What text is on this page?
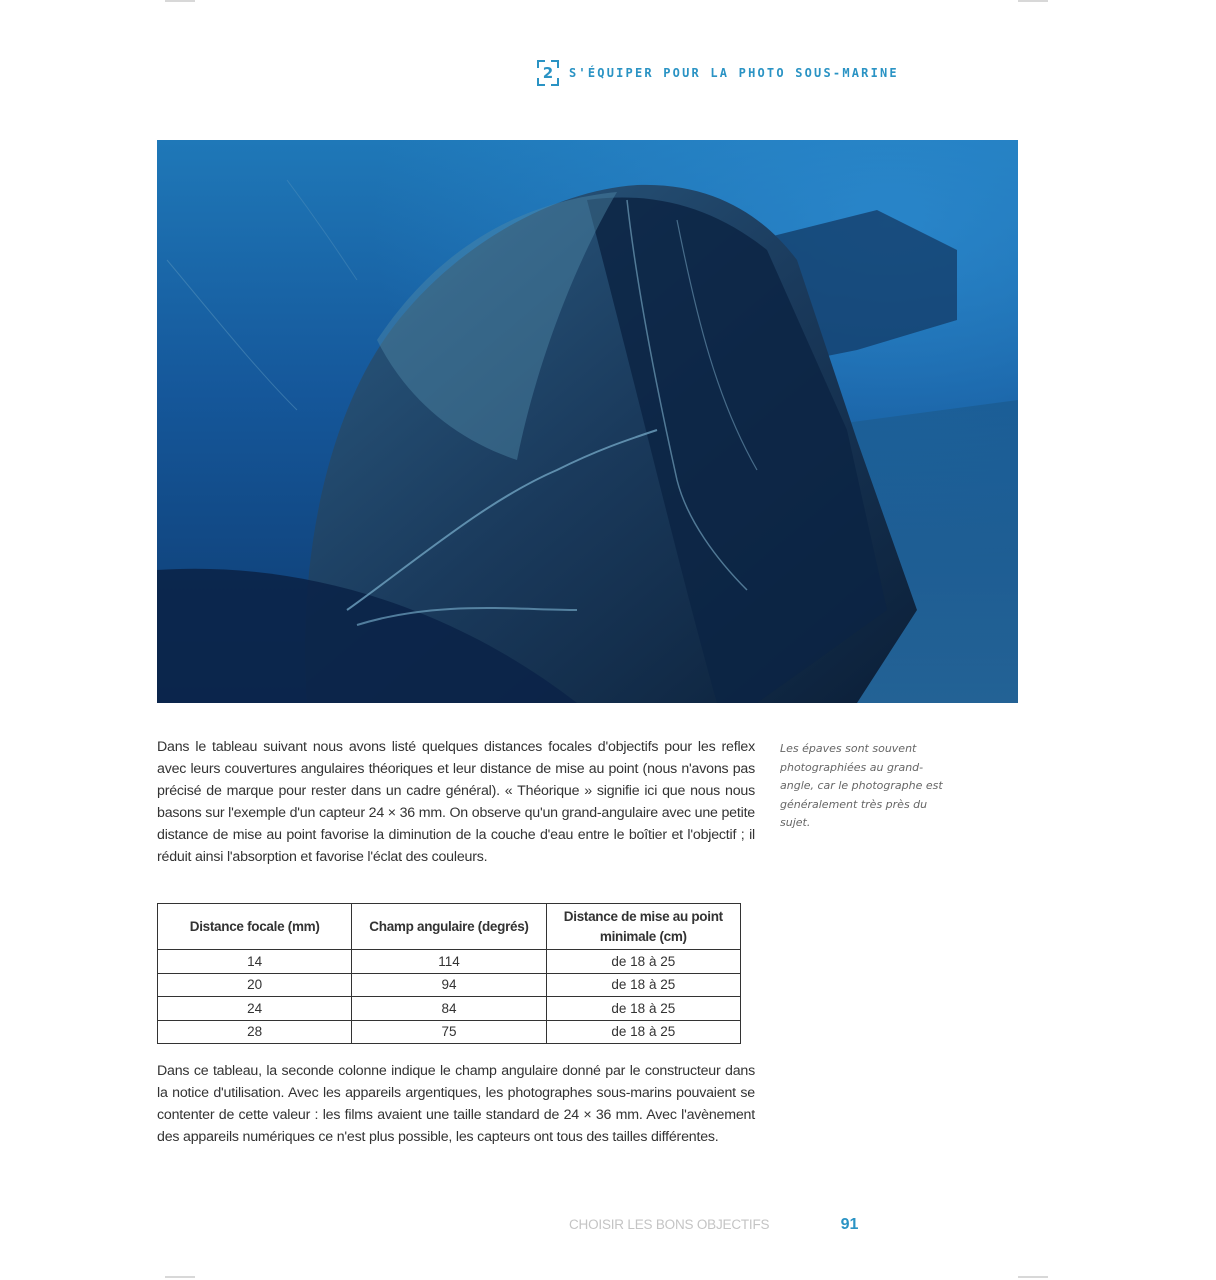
2 S'ÉQUIPER POUR LA PHOTO SOUS-MARINE
Dans le tableau suivant nous avons listé quelques distances focales d'objectifs pour les reflex avec leurs couvertures angulaires théoriques et leur distance de mise au point (nous n'avons pas précisé de marque pour rester dans un cadre général). « Théorique » signifie ici que nous nous basons sur l'exemple d'un capteur 24 × 36 mm. On observe qu'un grand-angulaire avec une petite distance de mise au point favorise la diminution de la couche d'eau entre le boîtier et l'objectif ; il réduit ainsi l'absorption et favorise l'éclat des couleurs.
Les épaves sont souvent photographiées au grand-angle, car le photographe est généralement très près du sujet.
Distance focale (mm)	Champ angulaire (degrés)	Distance de mise au point minimale (cm)
14	114	de 18 à 25
20	94	de 18 à 25
24	84	de 18 à 25
28	75	de 18 à 25
Dans ce tableau, la seconde colonne indique le champ angulaire donné par le constructeur dans la notice d'utilisation. Avec les appareils argentiques, les photographes sous-marins pouvaient se contenter de cette valeur : les films avaient une taille standard de 24 × 36 mm. Avec l'avènement des appareils numériques ce n'est plus possible, les capteurs ont tous des tailles différentes.
CHOISIR LES BONS OBJECTIFS	91
